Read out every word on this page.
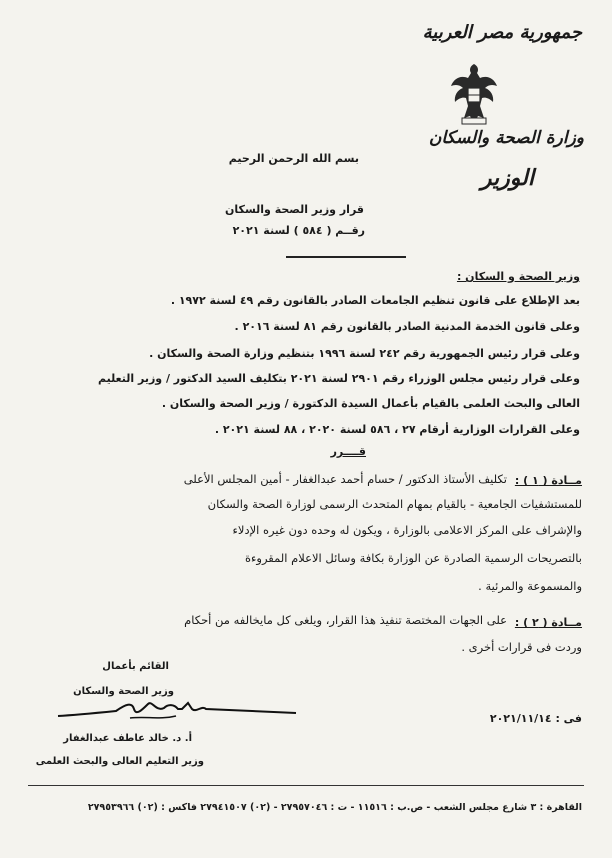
جمهورية مصر العربية
وزارة الصحة والسكان
الوزير
بسم الله الرحمن الرحيم
قرار وزير الصحة والسكان
رقــم ( ٥٨٤ ) لسنة ٢٠٢١
وزير الصحة و السكان :
بعد الإطلاع على قانون تنظيم الجامعات الصادر بالقانون رقم ٤٩ لسنة ١٩٧٢ .
وعلى قانون الخدمة المدنية الصادر بالقانون رقم ٨١ لسنة ٢٠١٦ .
وعلى قرار رئيس الجمهورية رقم ٢٤٢ لسنة ١٩٩٦ بتنظيم وزارة الصحة والسكان .
وعلى قرار رئيس مجلس الوزراء رقم ٢٩٠١ لسنة ٢٠٢١ بتكليف السيد الدكتور / وزير التعليم
العالى والبحث العلمى بالقيام بأعمال السيدة الدكتورة / وزير الصحة والسكان .
وعلى القرارات الوزارية أرقام ٢٧ ، ٥٨٦ لسنة ٢٠٢٠ ، ٨٨ لسنة ٢٠٢١ .
قــــرر
مــادة ( ١ ) :
تكليف الأستاذ الدكتور / حسام أحمد عبدالغفار - أمين المجلس الأعلى
للمستشفيات الجامعية - بالقيام بمهام المتحدث الرسمى لوزارة الصحة والسكان
والإشراف على المركز الاعلامى بالوزارة ، ويكون له وحده دون غيره الإدلاء
بالتصريحات الرسمية الصادرة عن الوزارة بكافة وسائل الاعلام المقروءة
والمسموعة والمرئية .
مــادة ( ٢ ) :
على الجهات المختصة تنفيذ هذا القرار، ويلغى كل مايخالفه من أحكام
وردت فى قرارات أخرى .
القائم بأعمال
وزير الصحة والسكان
فى : ٢٠٢١/١١/١٤
أ. د. خالد عاطف عبدالغفار
وزير التعليم العالى والبحث العلمى
القاهرة : ٣ شارع مجلس الشعب - ص.ب : ١١٥١٦ - ت : ٢٧٩٥٧٠٤٦ - (٠٢) ٢٧٩٤١٥٠٧ فاكس : (٠٢) ٢٧٩٥٣٩٦٦
